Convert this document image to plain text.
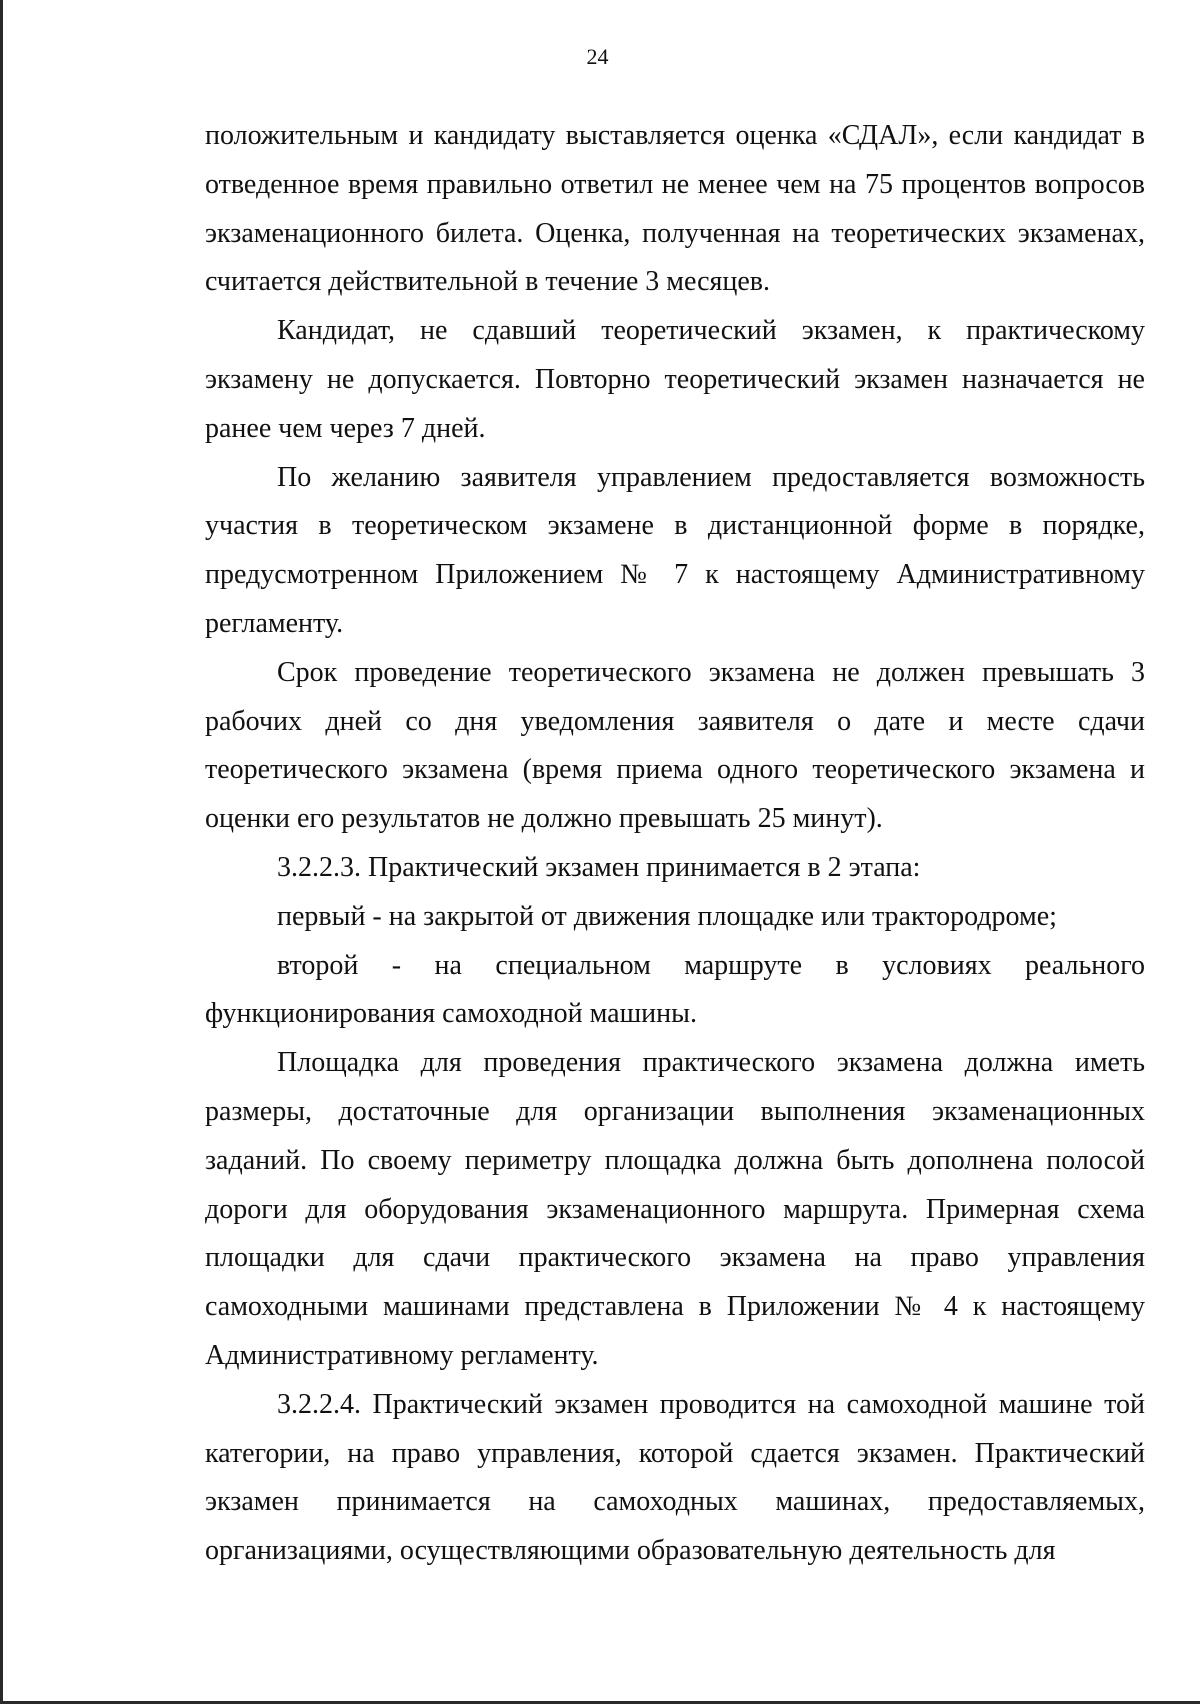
24

положительным и кандидату выставляется оценка «СДАЛ», если кандидат в отведенное время правильно ответил не менее чем на 75 процентов вопросов экзаменационного билета. Оценка, полученная на теоретических экзаменах, считается действительной в течение 3 месяцев.

Кандидат, не сдавший теоретический экзамен, к практическому экзамену не допускается. Повторно теоретический экзамен назначается не ранее чем через 7 дней.

По желанию заявителя управлением предоставляется возможность участия в теоретическом экзамене в дистанционной форме в порядке, предусмотренном Приложением № 7 к настоящему Административному регламенту.

Срок проведение теоретического экзамена не должен превышать 3 рабочих дней со дня уведомления заявителя о дате и месте сдачи теоретического экзамена (время приема одного теоретического экзамена и оценки его результатов не должно превышать 25 минут).

3.2.2.3. Практический экзамен принимается в 2 этапа:

первый - на закрытой от движения площадке или трактородроме;

второй - на специальном маршруте в условиях реального функционирования самоходной машины.

Площадка для проведения практического экзамена должна иметь размеры, достаточные для организации выполнения экзаменационных заданий. По своему периметру площадка должна быть дополнена полосой дороги для оборудования экзаменационного маршрута. Примерная схема площадки для сдачи практического экзамена на право управления самоходными машинами представлена в Приложении № 4 к настоящему Административному регламенту.

3.2.2.4. Практический экзамен проводится на самоходной машине той категории, на право управления, которой сдается экзамен. Практический экзамен принимается на самоходных машинах, предоставляемых, организациями, осуществляющими образовательную деятельность для
